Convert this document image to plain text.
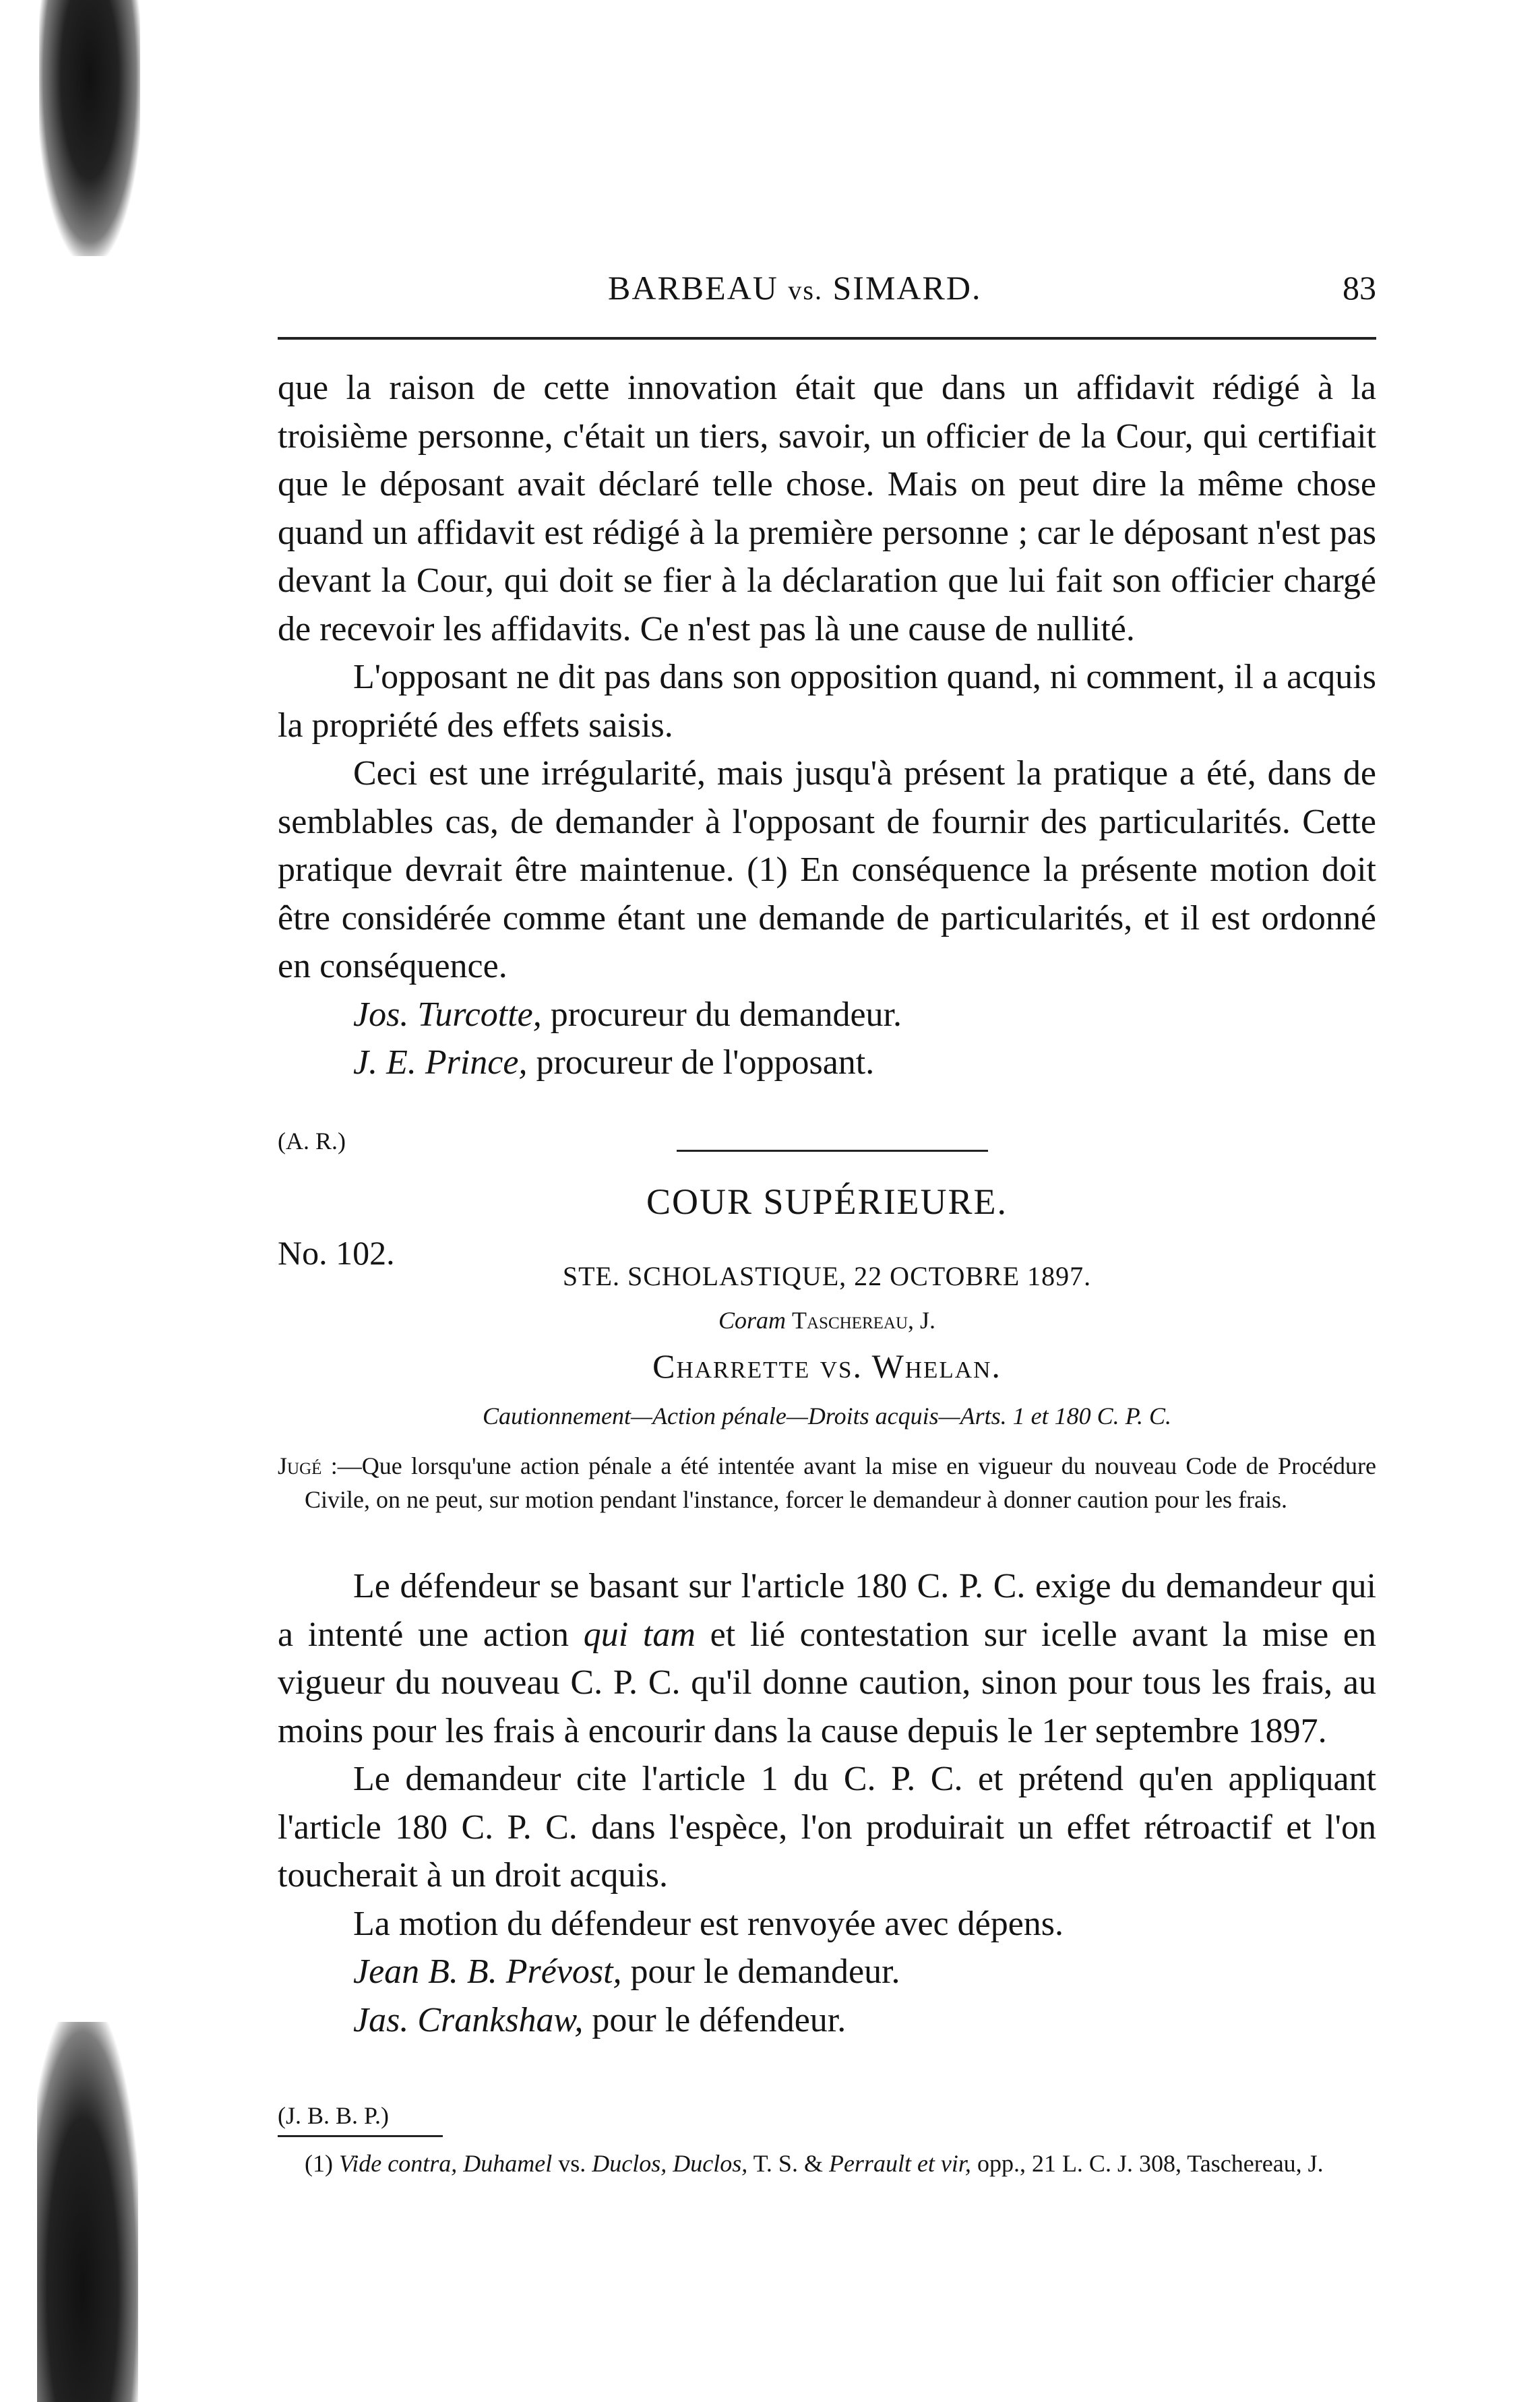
BARBEAU vs. SIMARD.	83

que la raison de cette innovation était que dans un affidavit rédigé à la troisième personne, c'était un tiers, savoir, un officier de la Cour, qui certifiait que le déposant avait déclaré telle chose. Mais on peut dire la même chose quand un affidavit est rédigé à la première personne ; car le déposant n'est pas devant la Cour, qui doit se fier à la déclaration que lui fait son officier chargé de recevoir les affidavits. Ce n'est pas là une cause de nullité.

L'opposant ne dit pas dans son opposition quand, ni comment, il a acquis la propriété des effets saisis.

Ceci est une irrégularité, mais jusqu'à présent la pratique a été, dans de semblables cas, de demander à l'opposant de fournir des particularités. Cette pratique devrait être maintenue. (1) En conséquence la présente motion doit être considérée comme étant une demande de particularités, et il est ordonné en conséquence.

Jos. Turcotte, procureur du demandeur.

J. E. Prince, procureur de l'opposant.

(A. R.)
COUR SUPÉRIEURE.
No. 102.
STE. SCHOLASTIQUE, 22 OCTOBRE 1897.
Coram Taschereau, J.
Charrette vs. Whelan.
Cautionnement—Action pénale—Droits acquis—Arts. 1 et 180 C. P. C.

Jugé :—Que lorsqu'une action pénale a été intentée avant la mise en vigueur du nouveau Code de Procédure Civile, on ne peut, sur motion pendant l'instance, forcer le demandeur à donner caution pour les frais.

Le défendeur se basant sur l'article 180 C. P. C. exige du demandeur qui a intenté une action qui tam et lié contestation sur icelle avant la mise en vigueur du nouveau C. P. C. qu'il donne caution, sinon pour tous les frais, au moins pour les frais à encourir dans la cause depuis le 1er septembre 1897.

Le demandeur cite l'article 1 du C. P. C. et prétend qu'en appliquant l'article 180 C. P. C. dans l'espèce, l'on produirait un effet rétroactif et l'on toucherait à un droit acquis.

La motion du défendeur est renvoyée avec dépens.

Jean B. B. Prévost, pour le demandeur.

Jas. Crankshaw, pour le défendeur.

(J. B. B. P.)

(1) Vide contra, Duhamel vs. Duclos, Duclos, T. S. & Perrault et vir, opp., 21 L. C. J. 308, Taschereau, J.
